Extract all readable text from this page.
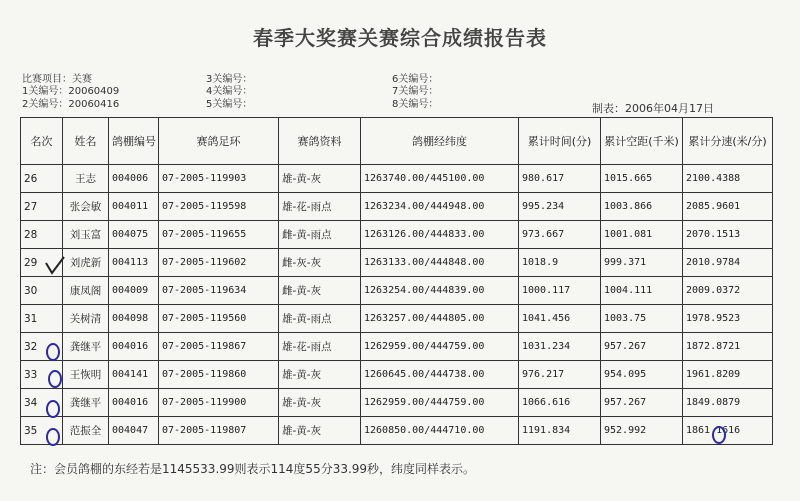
春季大奖赛关赛综合成绩报告表
比赛项目：关赛
1关编号：20060409
2关编号：20060416
3关编号：
4关编号：
5关编号：
6关编号：
7关编号：
8关编号：	制表：2006年04月17日
名次	姓名	鸽棚编号	赛鸽足环	赛鸽资料	鸽棚经纬度	累计时间(分)	累计空距(千米)	累计分速(米/分)
26	王志	004006	07-2005-119903	雄-黄-灰	1263740.00/445100.00	980.617	1015.665	2100.4388
27	张会敏	004011	07-2005-119598	雄-花-雨点	1263234.00/444948.00	995.234	1003.866	2085.9601
28	刘玉富	004075	07-2005-119655	雌-黄-雨点	1263126.00/444833.00	973.667	1001.081	2070.1513
29	刘虎新	004113	07-2005-119602	雌-灰-灰	1263133.00/444848.00	1018.9	999.371	2010.9784
30	康凤阁	004009	07-2005-119634	雌-黄-灰	1263254.00/444839.00	1000.117	1004.111	2009.0372
31	关树清	004098	07-2005-119560	雄-黄-雨点	1263257.00/444805.00	1041.456	1003.75	1978.9523
32	龚继平	004016	07-2005-119867	雄-花-雨点	1262959.00/444759.00	1031.234	957.267	1872.8721
33	王恢明	004141	07-2005-119860	雄-黄-灰	1260645.00/444738.00	976.217	954.095	1961.8209
34	龚继平	004016	07-2005-119900	雄-黄-灰	1262959.00/444759.00	1066.616	957.267	1849.0879
35	范振全	004047	07-2005-119807	雄-黄-灰	1260850.00/444710.00	1191.834	952.992	1861.1616
注：会员鸽棚的东经若是1145533.99则表示114度55分33.99秒，纬度同样表示。
